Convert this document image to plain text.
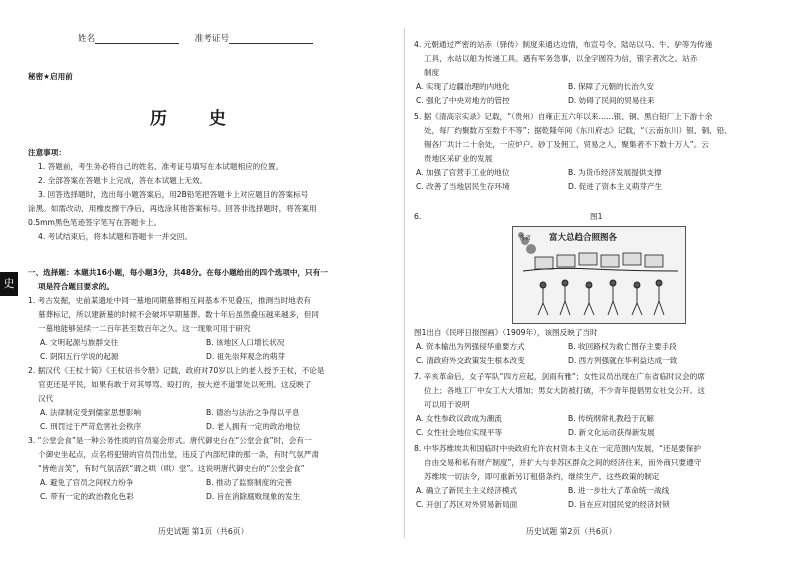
姓名	准考证号
史
秘密★启用前
历 史
注意事项：
1. 答题前，考生务必将自己的姓名、准考证号填写在本试题相应的位置。
2. 全部答案在答题卡上完成，答在本试题上无效。
3. 回答选择题时，选出每小题答案后，用2B铅笔把答题卡上对应题目的答案标号
涂黑。如需改动，用橡皮擦干净后，再选涂其他答案标号。回答非选择题时，将答案用
0.5mm黑色笔迹签字笔写在答题卡上。
4. 考试结束后，将本试题和答题卡一并交回。
一、选择题：本题共16小题，每小题3分，共48分。在每小题给出的四个选项中，只有一
项是符合题目要求的。
1. 考古发掘，史前某遗址中同一墓地同期墓葬相互间基本不见叠压，推测当时地表有
墓葬标记，所以建新墓的时候不会破坏早期墓葬。数十年后虽然叠压越来越多，但同
一墓地能够延续一二百年甚至数百年之久。这一现象可用于研究
A. 文明起源与族群交往	B. 该地区人口增长状况
C. 阴阳五行学说的起源	D. 祖先崇拜观念的萌芽
2. 据汉代《王杖十简》《王杖诏书令册》记载，政府对70岁以上的老人授予王杖，不论是
官吏还是平民，如果有敢于对其辱骂、殴打的，按大逆不道罪处以死刑。这反映了
汉代
A. 法律制定受到儒家思想影响	B. 德治与法治之争得以平息
C. 刑罚过于严苛危害社会秩序	D. 老人拥有一定的政治地位
3. “公堂会食”是一种公务性质的官员宴会形式。唐代御史台在“公堂会食”时，会有一
个御史坐起点，点名将犯错的官员罚出堂，违反了内部纪律的那一条，有时气氛严肃
“皆绝言笑”，有时气氛活跃“谓之哄（哄）堂”。这说明唐代御史台的“公堂会食”
A. 避免了官员之间权力纷争	B. 推动了监察制度的完善
C. 带有一定的政治教化色彩	D. 旨在消除腐败现象的发生
历史试题 第1页（共6页）
4. 元朝通过严密的站赤（驿传）制度来通达边情，布宣号令。陆站以马、牛、驴等为传递
工具，水站以船为传递工具。遇有军务急事，以金字圆符为信，银字者次之。站赤
制度
A. 实现了边疆治理的内地化	B. 保障了元朝的长治久安
C. 强化了中央对地方的管控	D. 妨碍了民间的贸易往来
5. 据《清高宗实录》记载，“（贵州）自雍正五六年以来……银、铜、黑白铅厂上下游十余
处，每厂约聚数万至数千不等”；据乾隆年间《东川府志》记载，“（云南东川）银、铜、铅、
锡各厂共计二十余处，一应炉户、砂丁及佣工、贸易之人，聚集者不下数十万人”。云
贵地区采矿业的发展
A. 加强了官营手工业的地位	B. 为货币经济发展提供支撑
C. 改善了当地居民生存环境	D. 促进了资本主义萌芽产生
6.	图1
富大总趋合照图各
各省
图1出自《民呼日报图画》（1909年），该图反映了当时
A. 资本输出为列强侵华重要方式	B. 收回路权为救亡图存主要手段
C. 清政府外交政策发生根本改变	D. 西方列强就在华利益达成一致
7. 辛亥革命后，女子军队“四方应起，剑雨有雅”；女性议员出现在广东省临时议会的席
位上；各地工厂中女工大大增加；男女大防被打破，不少青年提倡男女社交公开。这
可以用于说明
A. 女性参政议政成为潮流	B. 传统纲常礼教趋于瓦解
C. 女性社会地位实现平等	D. 新文化运动获得新发展
8. 中华苏维埃共和国临时中央政府允许农村资本主义在一定范围内发展，“还是要保护
自由交易和私有财产制度”，并扩大与非苏区群众之间的经济往来，而外商只要遵守
苏维埃一切法令，即可重新另订租借条约，继续生产。这些政策的制定
A. 确立了新民主主义经济模式	B. 进一步壮大了革命统一战线
C. 开创了苏区对外贸易新局面	D. 旨在应对国民党的经济封锁
历史试题 第2页（共6页）
